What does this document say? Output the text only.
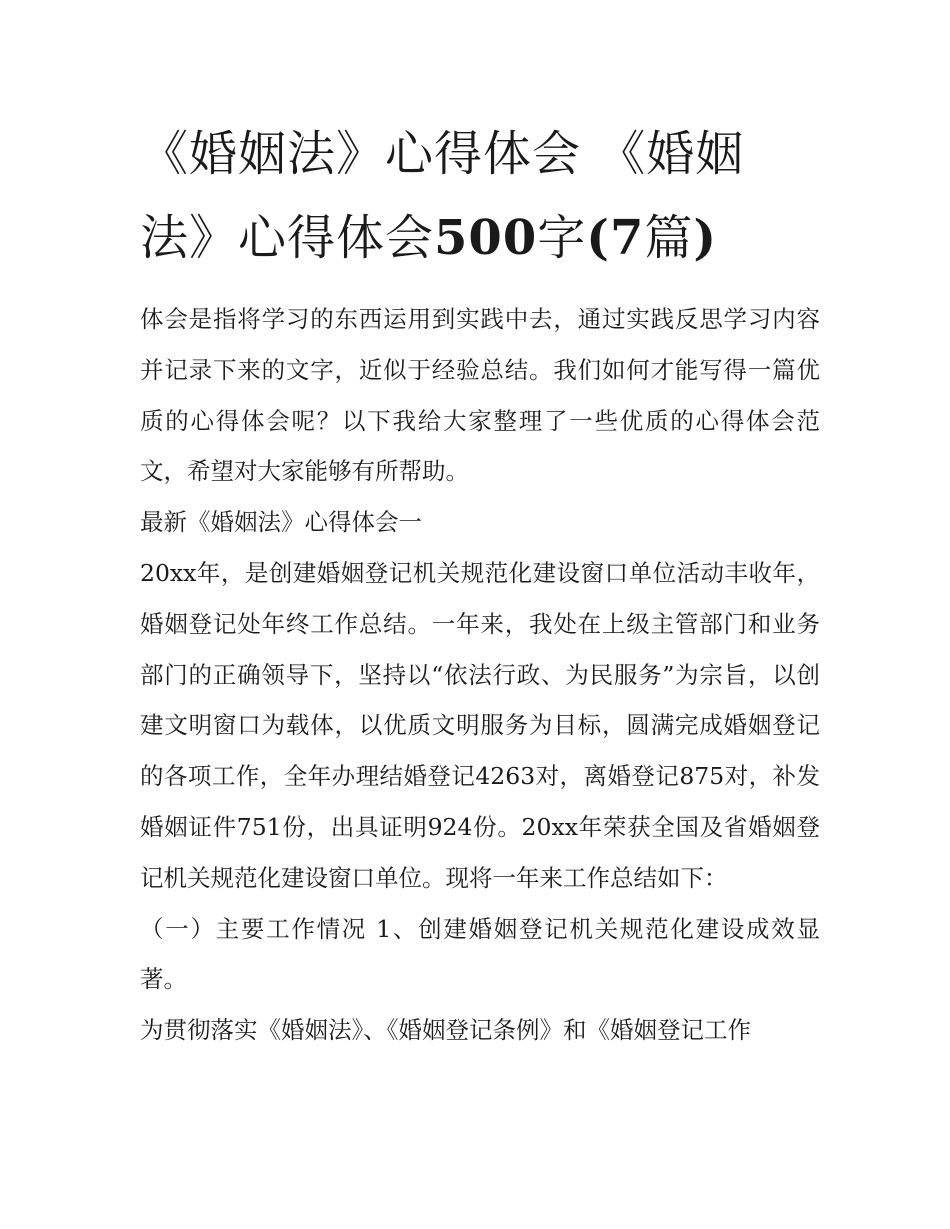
《婚姻法》心得体会 《婚姻法》心得体会500字(7篇)

体会是指将学习的东西运用到实践中去，通过实践反思学习内容并记录下来的文字，近似于经验总结。我们如何才能写得一篇优质的心得体会呢？以下我给大家整理了一些优质的心得体会范文，希望对大家能够有所帮助。

最新《婚姻法》心得体会一

20xx年，是创建婚姻登记机关规范化建设窗口单位活动丰收年，婚姻登记处年终工作总结。一年来，我处在上级主管部门和业务部门的正确领导下，坚持以“依法行政、为民服务”为宗旨，以创建文明窗口为载体，以优质文明服务为目标，圆满完成婚姻登记的各项工作，全年办理结婚登记4263对，离婚登记875对，补发婚姻证件751份，出具证明924份。20xx年荣获全国及省婚姻登记机关规范化建设窗口单位。现将一年来工作总结如下：

（一）主要工作情况 1、创建婚姻登记机关规范化建设成效显著。

为贯彻落实《婚姻法》、《婚姻登记条例》和《婚姻登记工作
